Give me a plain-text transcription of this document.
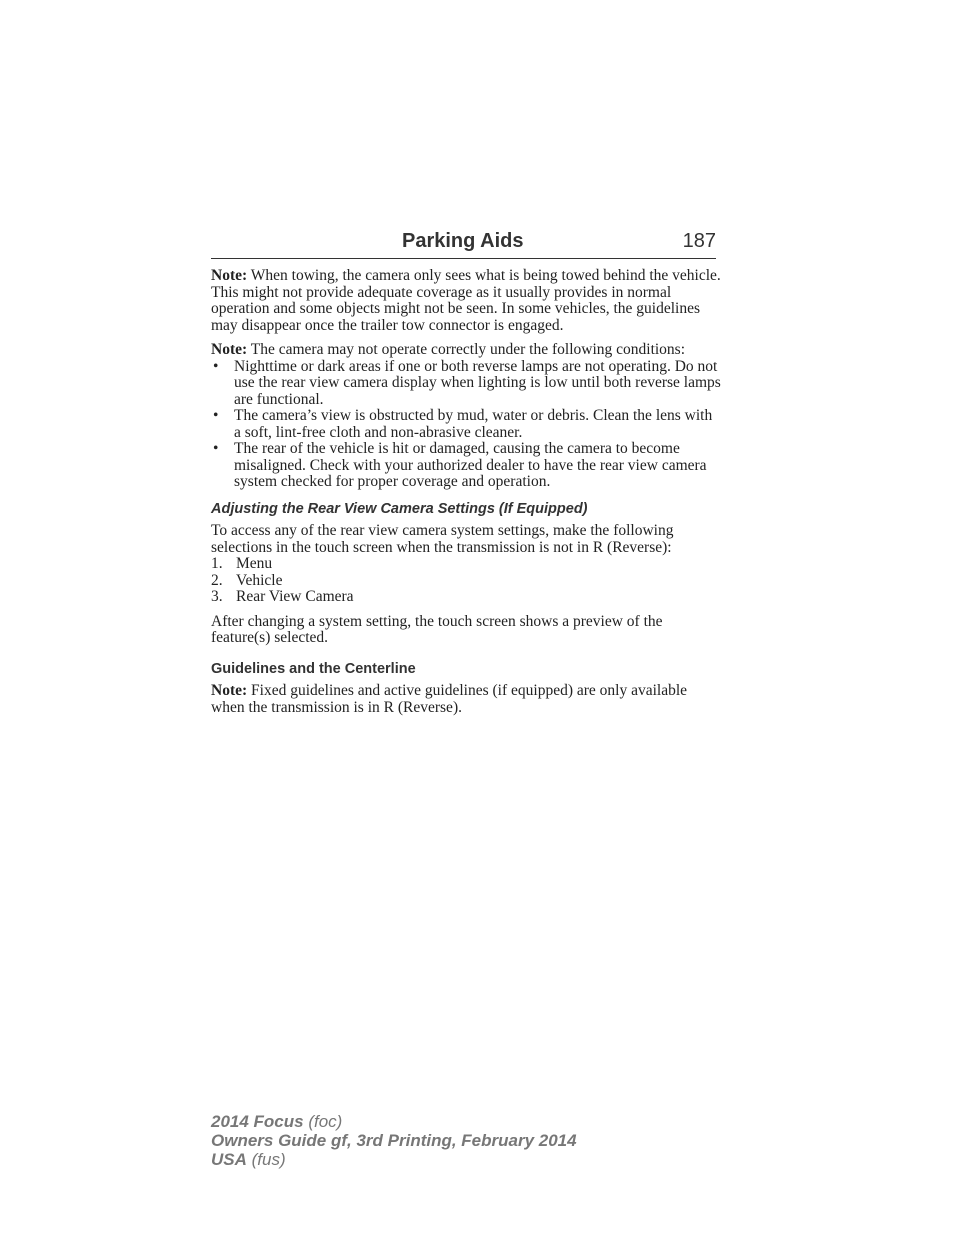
Parking Aids	187

Note: When towing, the camera only sees what is being towed behind the vehicle. This might not provide adequate coverage as it usually provides in normal operation and some objects might not be seen. In some vehicles, the guidelines may disappear once the trailer tow connector is engaged.

Note: The camera may not operate correctly under the following conditions:

• Nighttime or dark areas if one or both reverse lamps are not operating. Do not use the rear view camera display when lighting is low until both reverse lamps are functional.
• The camera’s view is obstructed by mud, water or debris. Clean the lens with a soft, lint-free cloth and non-abrasive cleaner.
• The rear of the vehicle is hit or damaged, causing the camera to become misaligned. Check with your authorized dealer to have the rear view camera system checked for proper coverage and operation.
Adjusting the Rear View Camera Settings (If Equipped)

To access any of the rear view camera system settings, make the following selections in the touch screen when the transmission is not in R (Reverse):

1. Menu
2. Vehicle
3. Rear View Camera

After changing a system setting, the touch screen shows a preview of the feature(s) selected.

Guidelines and the Centerline

Note: Fixed guidelines and active guidelines (if equipped) are only available when the transmission is in R (Reverse).

2014 Focus (foc)
Owners Guide gf, 3rd Printing, February 2014
USA (fus)
